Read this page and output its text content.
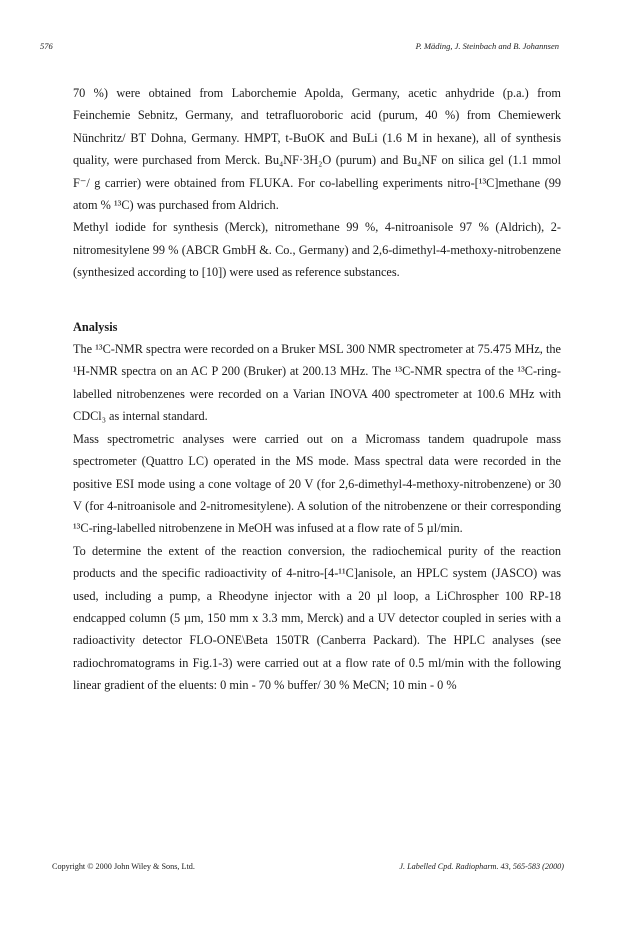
576	P. Mäding, J. Steinbach and B. Johannsen

70 %) were obtained from Laborchemie Apolda, Germany, acetic anhydride (p.a.) from Feinchemie Sebnitz, Germany, and tetrafluoroboric acid (purum, 40 %) from Chemiewerk Nünchritz/ BT Dohna, Germany. HMPT, t-BuOK and BuLi (1.6 M in hexane), all of synthesis quality, were purchased from Merck. Bu₄NF·3H₂O (purum) and Bu₄NF on silica gel (1.1 mmol F⁻/ g carrier) were obtained from FLUKA. For co-labelling experiments nitro-[¹³C]methane (99 atom % ¹³C) was purchased from Aldrich.

Methyl iodide for synthesis (Merck), nitromethane 99 %, 4-nitroanisole 97 % (Aldrich), 2-nitromesitylene 99 % (ABCR GmbH &. Co., Germany) and 2,6-dimethyl-4-methoxy-nitrobenzene (synthesized according to [10]) were used as reference substances.

Analysis

The ¹³C-NMR spectra were recorded on a Bruker MSL 300 NMR spectrometer at 75.475 MHz, the ¹H-NMR spectra on an AC P 200 (Bruker) at 200.13 MHz. The ¹³C-NMR spectra of the ¹³C-ring-labelled nitrobenzenes were recorded on a Varian INOVA 400 spectrometer at 100.6 MHz with CDCl₃ as internal standard.

Mass spectrometric analyses were carried out on a Micromass tandem quadrupole mass spectrometer (Quattro LC) operated in the MS mode. Mass spectral data were recorded in the positive ESI mode using a cone voltage of 20 V (for 2,6-dimethyl-4-methoxy-nitrobenzene) or 30 V (for 4-nitroanisole and 2-nitromesitylene). A solution of the nitrobenzene or their corresponding ¹³C-ring-labelled nitrobenzene in MeOH was infused at a flow rate of 5 µl/min.

To determine the extent of the reaction conversion, the radiochemical purity of the reaction products and the specific radioactivity of 4-nitro-[4-¹¹C]anisole, an HPLC system (JASCO) was used, including a pump, a Rheodyne injector with a 20 µl loop, a LiChrospher 100 RP-18 endcapped column (5 µm, 150 mm x 3.3 mm, Merck) and a UV detector coupled in series with a radioactivity detector FLO-ONE\Beta 150TR (Canberra Packard). The HPLC analyses (see radiochromatograms in Fig.1-3) were carried out at a flow rate of 0.5 ml/min with the following linear gradient of the eluents: 0 min - 70 % buffer/ 30 % MeCN; 10 min - 0 %

Copyright © 2000 John Wiley & Sons, Ltd.	J. Labelled Cpd. Radiopharm. 43, 565-583 (2000)
